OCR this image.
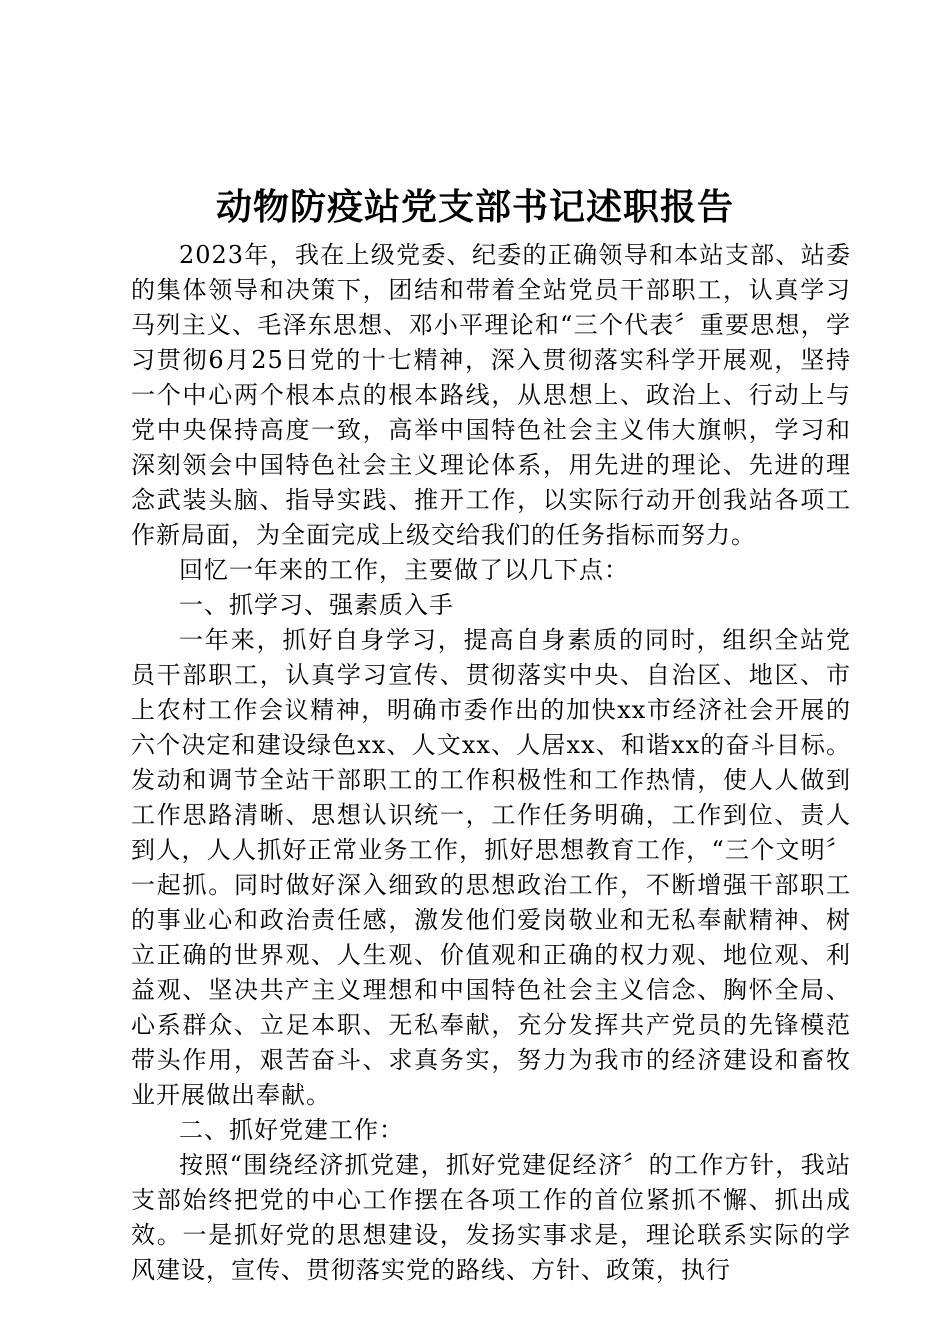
动物防疫站党支部书记述职报告

2023年，我在上级党委、纪委的正确领导和本站支部、站委的集体领导和决策下，团结和带着全站党员干部职工，认真学习马列主义、毛泽东思想、邓小平理论和“三个代表〞重要思想，学习贯彻6月25日党的十七精神，深入贯彻落实科学开展观，坚持一个中心两个根本点的根本路线，从思想上、政治上、行动上与党中央保持高度一致，高举中国特色社会主义伟大旗帜，学习和深刻领会中国特色社会主义理论体系，用先进的理论、先进的理念武装头脑、指导实践、推开工作，以实际行动开创我站各项工作新局面，为全面完成上级交给我们的任务指标而努力。

回忆一年来的工作，主要做了以几下点：

一、抓学习、强素质入手

一年来，抓好自身学习，提高自身素质的同时，组织全站党员干部职工，认真学习宣传、贯彻落实中央、自治区、地区、市上农村工作会议精神，明确市委作出的加快xx市经济社会开展的六个决定和建设绿色xx、人文xx、人居xx、和谐xx的奋斗目标。发动和调节全站干部职工的工作积极性和工作热情，使人人做到工作思路清晰、思想认识统一，工作任务明确，工作到位、责人到人，人人抓好正常业务工作，抓好思想教育工作，“三个文明〞一起抓。同时做好深入细致的思想政治工作，不断增强干部职工的事业心和政治责任感，激发他们爱岗敬业和无私奉献精神、树立正确的世界观、人生观、价值观和正确的权力观、地位观、利益观、坚决共产主义理想和中国特色社会主义信念、胸怀全局、心系群众、立足本职、无私奉献，充分发挥共产党员的先锋模范带头作用，艰苦奋斗、求真务实，努力为我市的经济建设和畜牧业开展做出奉献。

二、抓好党建工作：

按照“围绕经济抓党建，抓好党建促经济〞的工作方针，我站支部始终把党的中心工作摆在各项工作的首位紧抓不懈、抓出成效。一是抓好党的思想建设，发扬实事求是，理论联系实际的学风建设，宣传、贯彻落实党的路线、方针、政策，执行
